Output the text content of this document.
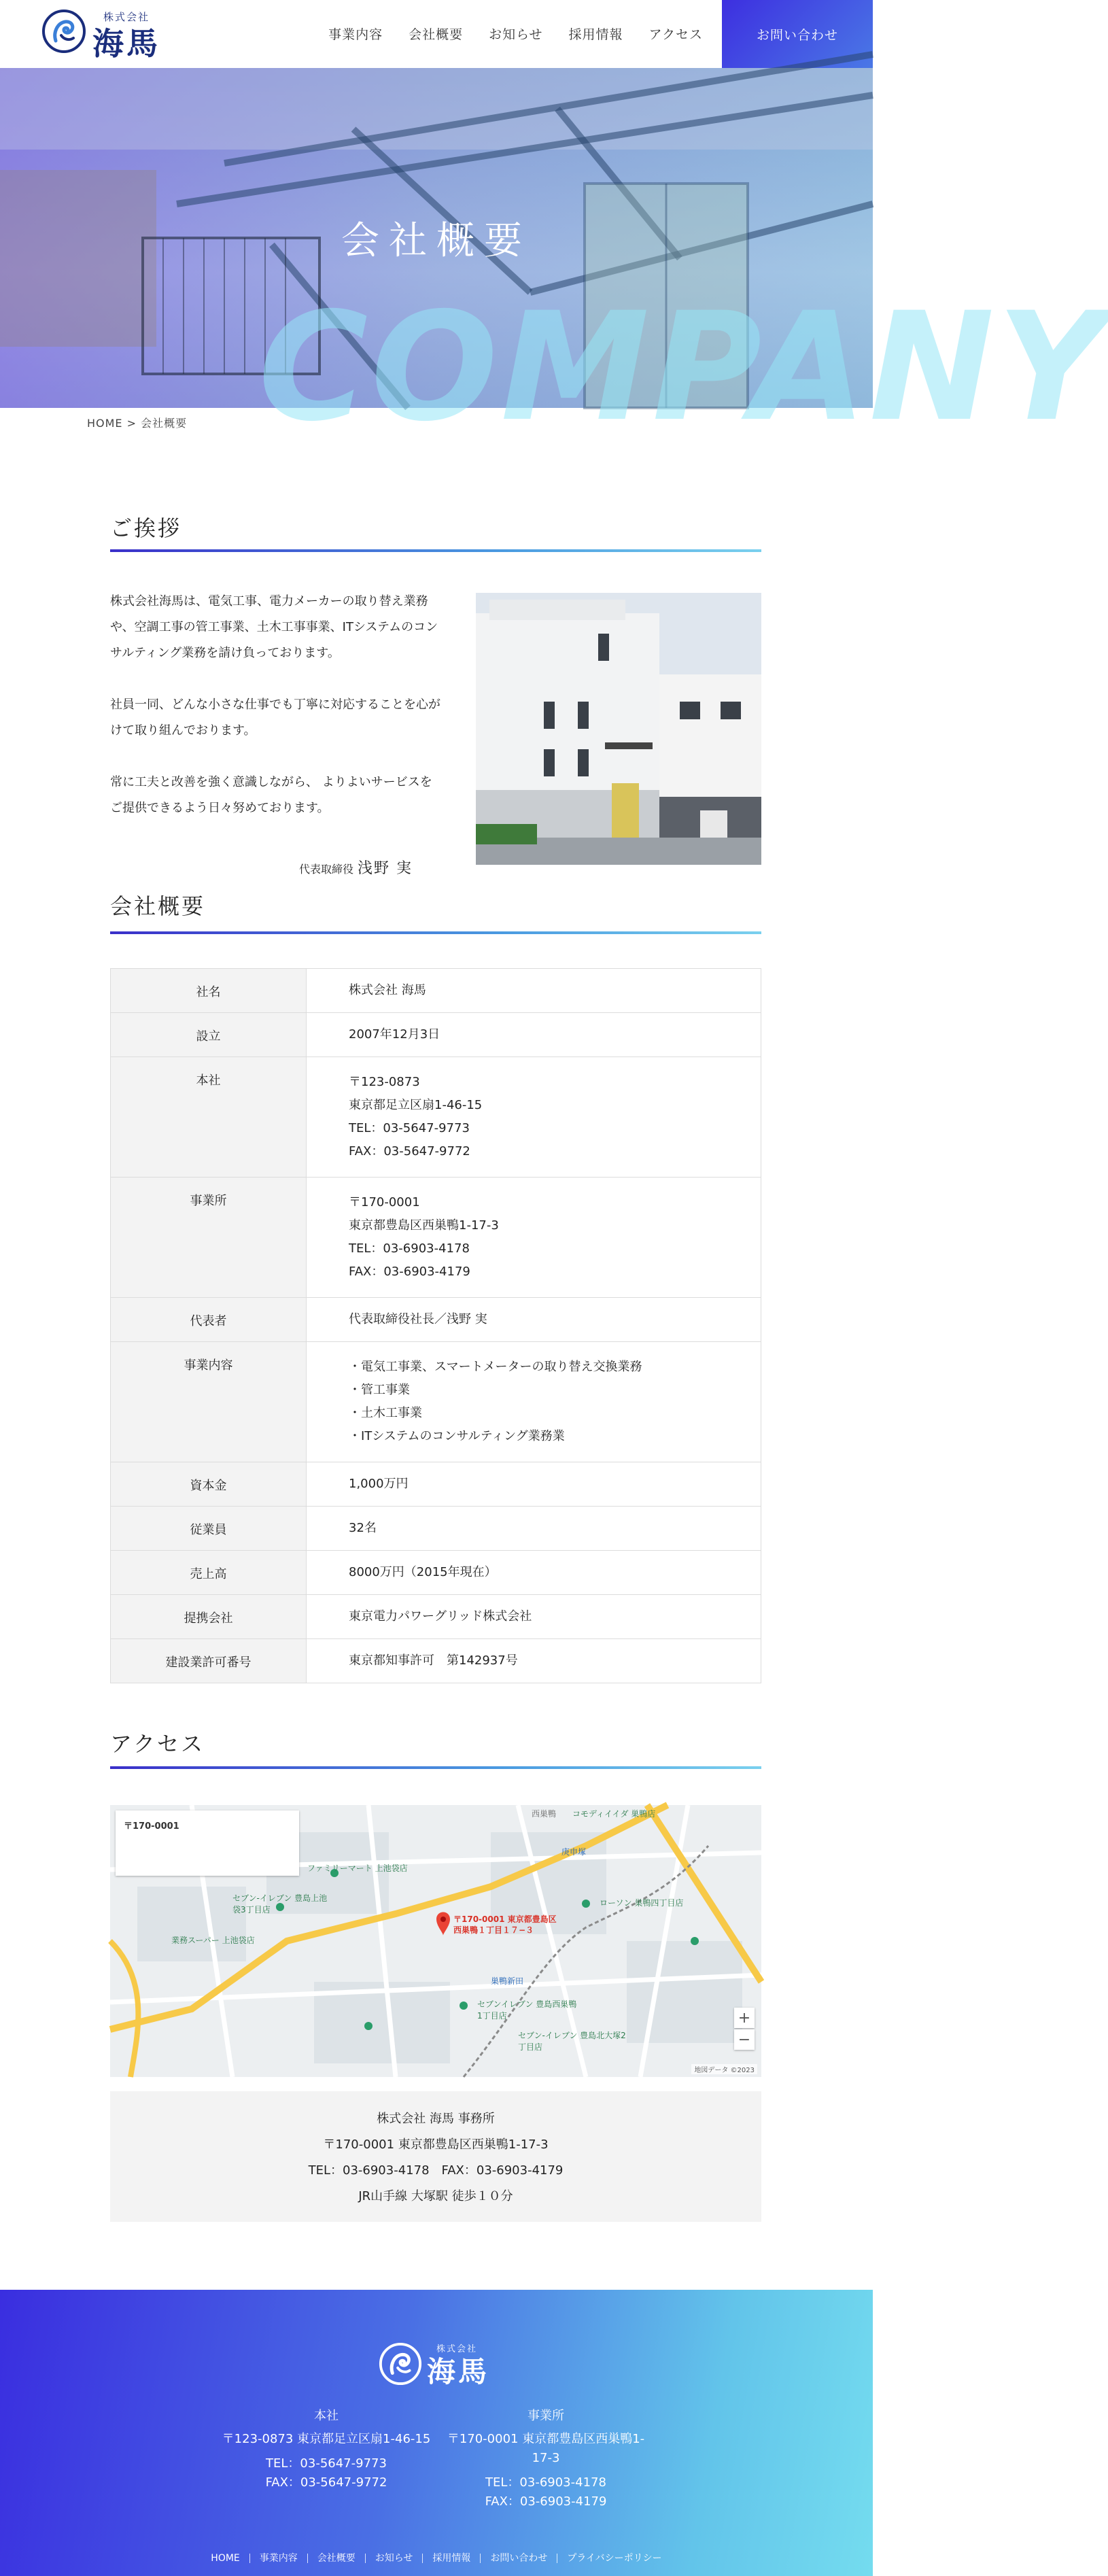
株式会社
海馬	事業内容 会社概要 お知らせ 採用情報 アクセス	お問い合わせ
COMPANY
会社概要
HOME > 会社概要
ご挨拶

株式会社海馬は、電気工事、電力メーカーの取り替え業務 や、空調工事の管工事業、土木工事事業、ITシステムのコンサルティング業務を請け負っております。

社員一同、どんな小さな仕事でも丁寧に対応することを心がけて取り組んでおります。

常に工夫と改善を強く意識しながら、 よりよいサービスをご提供できるよう日々努めております。

代表取締役 浅野 実
会社概要
社名	株式会社 海馬
設立	2007年12月3日
本社	〒123-0873
東京都足立区扇1-46-15
TEL：03-5647-9773
FAX：03-5647-9772
事業所	〒170-0001
東京都豊島区西巣鴨1-17-3
TEL：03-6903-4178
FAX：03-6903-4179
代表者	代表取締役社長／浅野 実
事業内容	・電気工事業、スマートメーターの取り替え交換業務
・管工事業
・土木工事業
・ITシステムのコンサルティング業務業
資本金	1,000万円
従業員	32名
売上高	8000万円（2015年現在）
提携会社	東京電力パワーグリッド株式会社
建設業許可番号	東京都知事許可　第142937号
アクセス
〒170-0001
〒170-0001 東京都豊島区西巣鴨１丁目１７−３
ファミリーマート 上池袋店
セブン-イレブン 豊島上池袋3丁目店
業務スーパー 上池袋店
ローソン 巣鴨四丁目店
セブンイレブン 豊島西巣鴨1丁目店
巣鴨新田
庚申塚
西巣鴨 コモディイイダ 巣鴨店
セブン-イレブン 豊島北大塚2丁目店
+
−
地図データ ©2023
株式会社 海馬 事務所
〒170-0001 東京都豊島区西巣鴨1-17-3
TEL：03-6903-4178　FAX：03-6903-4179
JR山手線 大塚駅 徒歩１０分
株式会社
海馬
本社
〒123-0873 東京都足立区扇1-46-15
TEL：03-5647-9773
FAX：03-5647-9772
事業所
〒170-0001 東京都豊島区西巣鴨1-
17-3
TEL：03-6903-4178
FAX：03-6903-4179
HOME	事業内容	会社概要	お知らせ	採用情報	お問い合わせ	プライバシーポリシー
